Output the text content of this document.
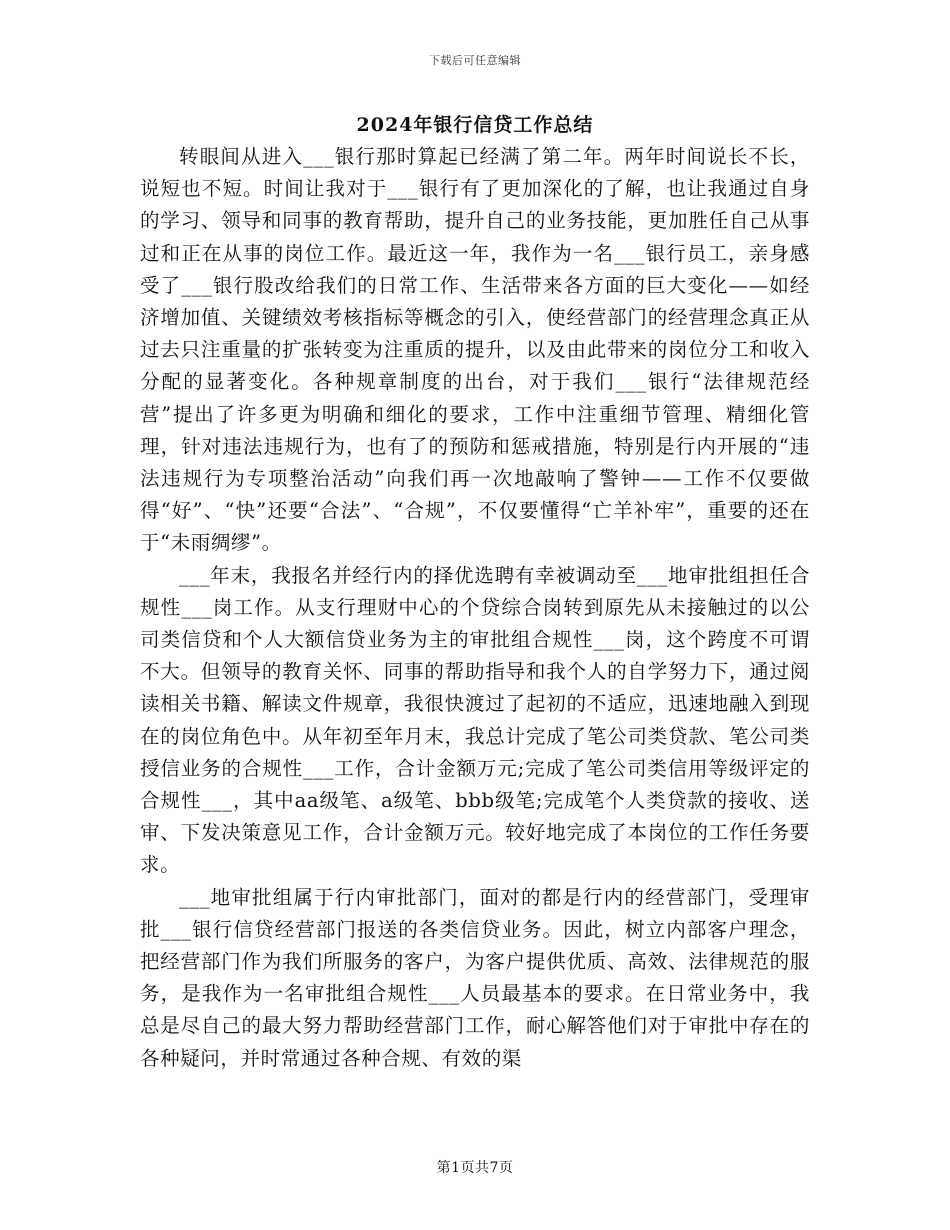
下载后可任意编辑
2024年银行信贷工作总结

转眼间从进入___银行那时算起已经满了第二年。两年时间说长不长，说短也不短。时间让我对于___银行有了更加深化的了解，也让我通过自身的学习、领导和同事的教育帮助，提升自己的业务技能，更加胜任自己从事过和正在从事的岗位工作。最近这一年，我作为一名___银行员工，亲身感受了___银行股改给我们的日常工作、生活带来各方面的巨大变化——如经济增加值、关键绩效考核指标等概念的引入，使经营部门的经营理念真正从过去只注重量的扩张转变为注重质的提升，以及由此带来的岗位分工和收入分配的显著变化。各种规章制度的出台，对于我们___银行“法律规范经营”提出了许多更为明确和细化的要求，工作中注重细节管理、精细化管理，针对违法违规行为，也有了的预防和惩戒措施，特别是行内开展的“违法违规行为专项整治活动”向我们再一次地敲响了警钟——工作不仅要做得“好”、“快”还要“合法”、“合规”，不仅要懂得“亡羊补牢”，重要的还在于“未雨绸缪”。

___年末，我报名并经行内的择优选聘有幸被调动至___地审批组担任合规性___岗工作。从支行理财中心的个贷综合岗转到原先从未接触过的以公司类信贷和个人大额信贷业务为主的审批组合规性___岗，这个跨度不可谓不大。但领导的教育关怀、同事的帮助指导和我个人的自学努力下，通过阅读相关书籍、解读文件规章，我很快渡过了起初的不适应，迅速地融入到现在的岗位角色中。从年初至年月末，我总计完成了笔公司类贷款、笔公司类授信业务的合规性___工作，合计金额万元;完成了笔公司类信用等级评定的合规性___，其中aa级笔、a级笔、bbb级笔;完成笔个人类贷款的接收、送审、下发决策意见工作，合计金额万元。较好地完成了本岗位的工作任务要求。

___地审批组属于行内审批部门，面对的都是行内的经营部门，受理审批___银行信贷经营部门报送的各类信贷业务。因此，树立内部客户理念，把经营部门作为我们所服务的客户，为客户提供优质、高效、法律规范的服务，是我作为一名审批组合规性___人员最基本的要求。在日常业务中，我总是尽自己的最大努力帮助经营部门工作，耐心解答他们对于审批中存在的各种疑问，并时常通过各种合规、有效的渠

第1页共7页
